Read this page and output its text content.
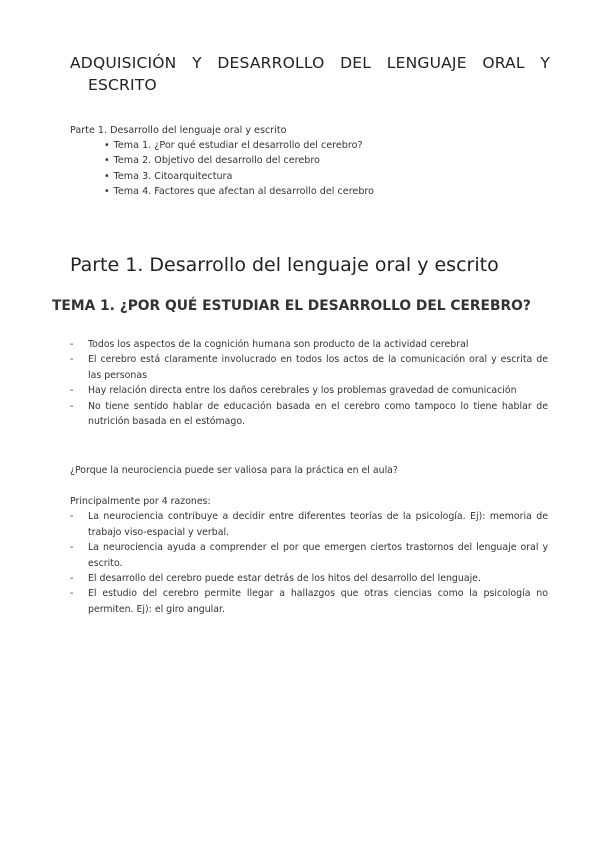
ADQUISICIÓN Y DESARROLLO DEL LENGUAJE ORAL Y
ESCRITO
Parte 1. Desarrollo del lenguaje oral y escrito
• Tema 1. ¿Por qué estudiar el desarrollo del cerebro?
• Tema 2. Objetivo del desarrollo del cerebro
• Tema 3. Citoarquitectura
• Tema 4. Factores que afectan al desarrollo del cerebro
Parte 1. Desarrollo del lenguaje oral y escrito
TEMA 1. ¿POR QUÉ ESTUDIAR EL DESARROLLO DEL CEREBRO?
- Todos los aspectos de la cognición humana son producto de la actividad cerebral
- El cerebro está claramente involucrado en todos los actos de la comunicación oral y escrita de las personas
- Hay relación directa entre los daños cerebrales y los problemas gravedad de comunicación
- No tiene sentido hablar de educación basada en el cerebro como tampoco lo tiene hablar de nutrición basada en el estómago.

¿Porque la neurociencia puede ser valiosa para la práctica en el aula?

Principalmente por 4 razones:

- La neurociencia contribuye a decidir entre diferentes teorías de la psicología. Ej): memoria de trabajo viso-espacial y verbal.
- La neurociencia ayuda a comprender el por que emergen ciertos trastornos del lenguaje oral y escrito.
- El desarrollo del cerebro puede estar detrás de los hitos del desarrollo del lenguaje.
- El estudio del cerebro permite llegar a hallazgos que otras ciencias como la psicología no permiten. Ej): el giro angular.
